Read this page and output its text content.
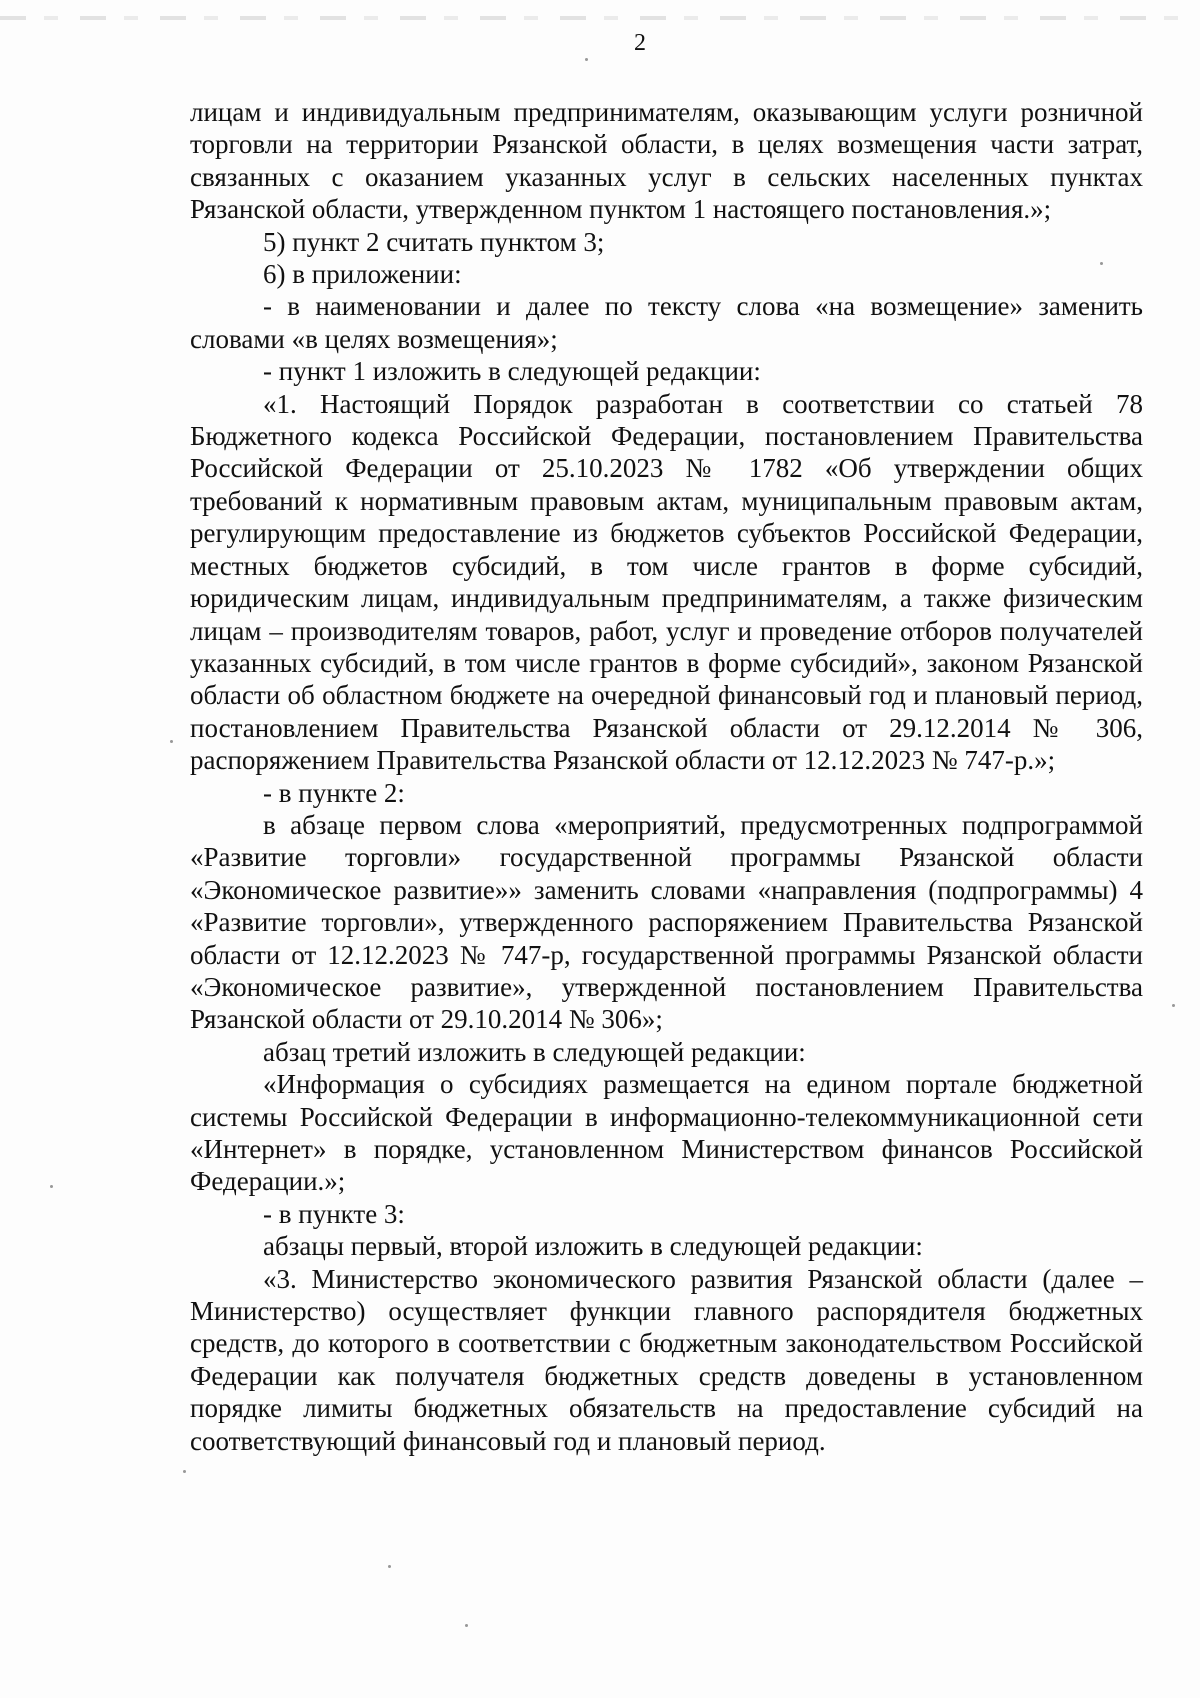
2

лицам и индивидуальным предпринимателям, оказывающим услуги розничной торговли на территории Рязанской области, в целях возмещения части затрат, связанных с оказанием указанных услуг в сельских населенных пунктах Рязанской области, утвержденном пунктом 1 настоящего постановления.»;

5) пункт 2 считать пунктом 3;

6) в приложении:

- в наименовании и далее по тексту слова «на возмещение» заменить словами «в целях возмещения»;

- пункт 1 изложить в следующей редакции:

«1. Настоящий Порядок разработан в соответствии со статьей 78 Бюджетного кодекса Российской Федерации, постановлением Правительства Российской Федерации от 25.10.2023 № 1782 «Об утверждении общих требований к нормативным правовым актам, муниципальным правовым актам, регулирующим предоставление из бюджетов субъектов Российской Федерации, местных бюджетов субсидий, в том числе грантов в форме субсидий, юридическим лицам, индивидуальным предпринимателям, а также физическим лицам – производителям товаров, работ, услуг и проведение отборов получателей указанных субсидий, в том числе грантов в форме субсидий», законом Рязанской области об областном бюджете на очередной финансовый год и плановый период, постановлением Правительства Рязанской области от 29.12.2014 № 306, распоряжением Правительства Рязанской области от 12.12.2023 № 747-р.»;

- в пункте 2:

в абзаце первом слова «мероприятий, предусмотренных подпрограммой «Развитие торговли» государственной программы Рязанской области «Экономическое развитие»» заменить словами «направления (подпрограммы) 4 «Развитие торговли», утвержденного распоряжением Правительства Рязанской области от 12.12.2023 № 747-р, государственной программы Рязанской области «Экономическое развитие», утвержденной постановлением Правительства Рязанской области от 29.10.2014 № 306»;

абзац третий изложить в следующей редакции:

«Информация о субсидиях размещается на едином портале бюджетной системы Российской Федерации в информационно-телекоммуникационной сети «Интернет» в порядке, установленном Министерством финансов Российской Федерации.»;

- в пункте 3:

абзацы первый, второй изложить в следующей редакции:

«3. Министерство экономического развития Рязанской области (далее – Министерство) осуществляет функции главного распорядителя бюджетных средств, до которого в соответствии с бюджетным законодательством Российской Федерации как получателя бюджетных средств доведены в установленном порядке лимиты бюджетных обязательств на предоставление субсидий на соответствующий финансовый год и плановый период.
